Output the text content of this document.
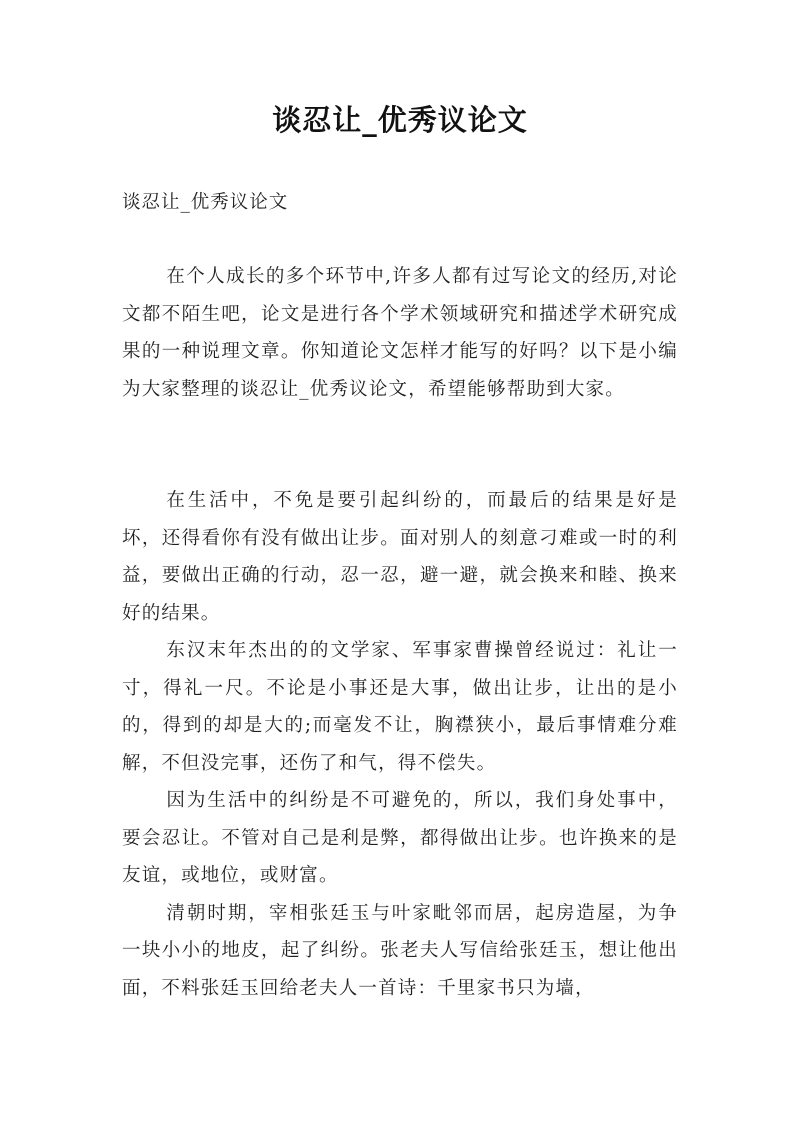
谈忍让_优秀议论文
谈忍让_优秀议论文

在个人成长的多个环节中,许多人都有过写论文的经历,对论文都不陌生吧，论文是进行各个学术领域研究和描述学术研究成果的一种说理文章。你知道论文怎样才能写的好吗？以下是小编为大家整理的谈忍让_优秀议论文，希望能够帮助到大家。

在生活中，不免是要引起纠纷的，而最后的结果是好是坏，还得看你有没有做出让步。面对别人的刻意刁难或一时的利益，要做出正确的行动，忍一忍，避一避，就会换来和睦、换来好的结果。

东汉末年杰出的的文学家、军事家曹操曾经说过：礼让一寸，得礼一尺。不论是小事还是大事，做出让步，让出的是小的，得到的却是大的;而毫发不让，胸襟狭小，最后事情难分难解，不但没完事，还伤了和气，得不偿失。

因为生活中的纠纷是不可避免的，所以，我们身处事中，要会忍让。不管对自己是利是弊，都得做出让步。也许换来的是友谊，或地位，或财富。

清朝时期，宰相张廷玉与叶家毗邻而居，起房造屋，为争一块小小的地皮，起了纠纷。张老夫人写信给张廷玉，想让他出面，不料张廷玉回给老夫人一首诗：千里家书只为墙，
